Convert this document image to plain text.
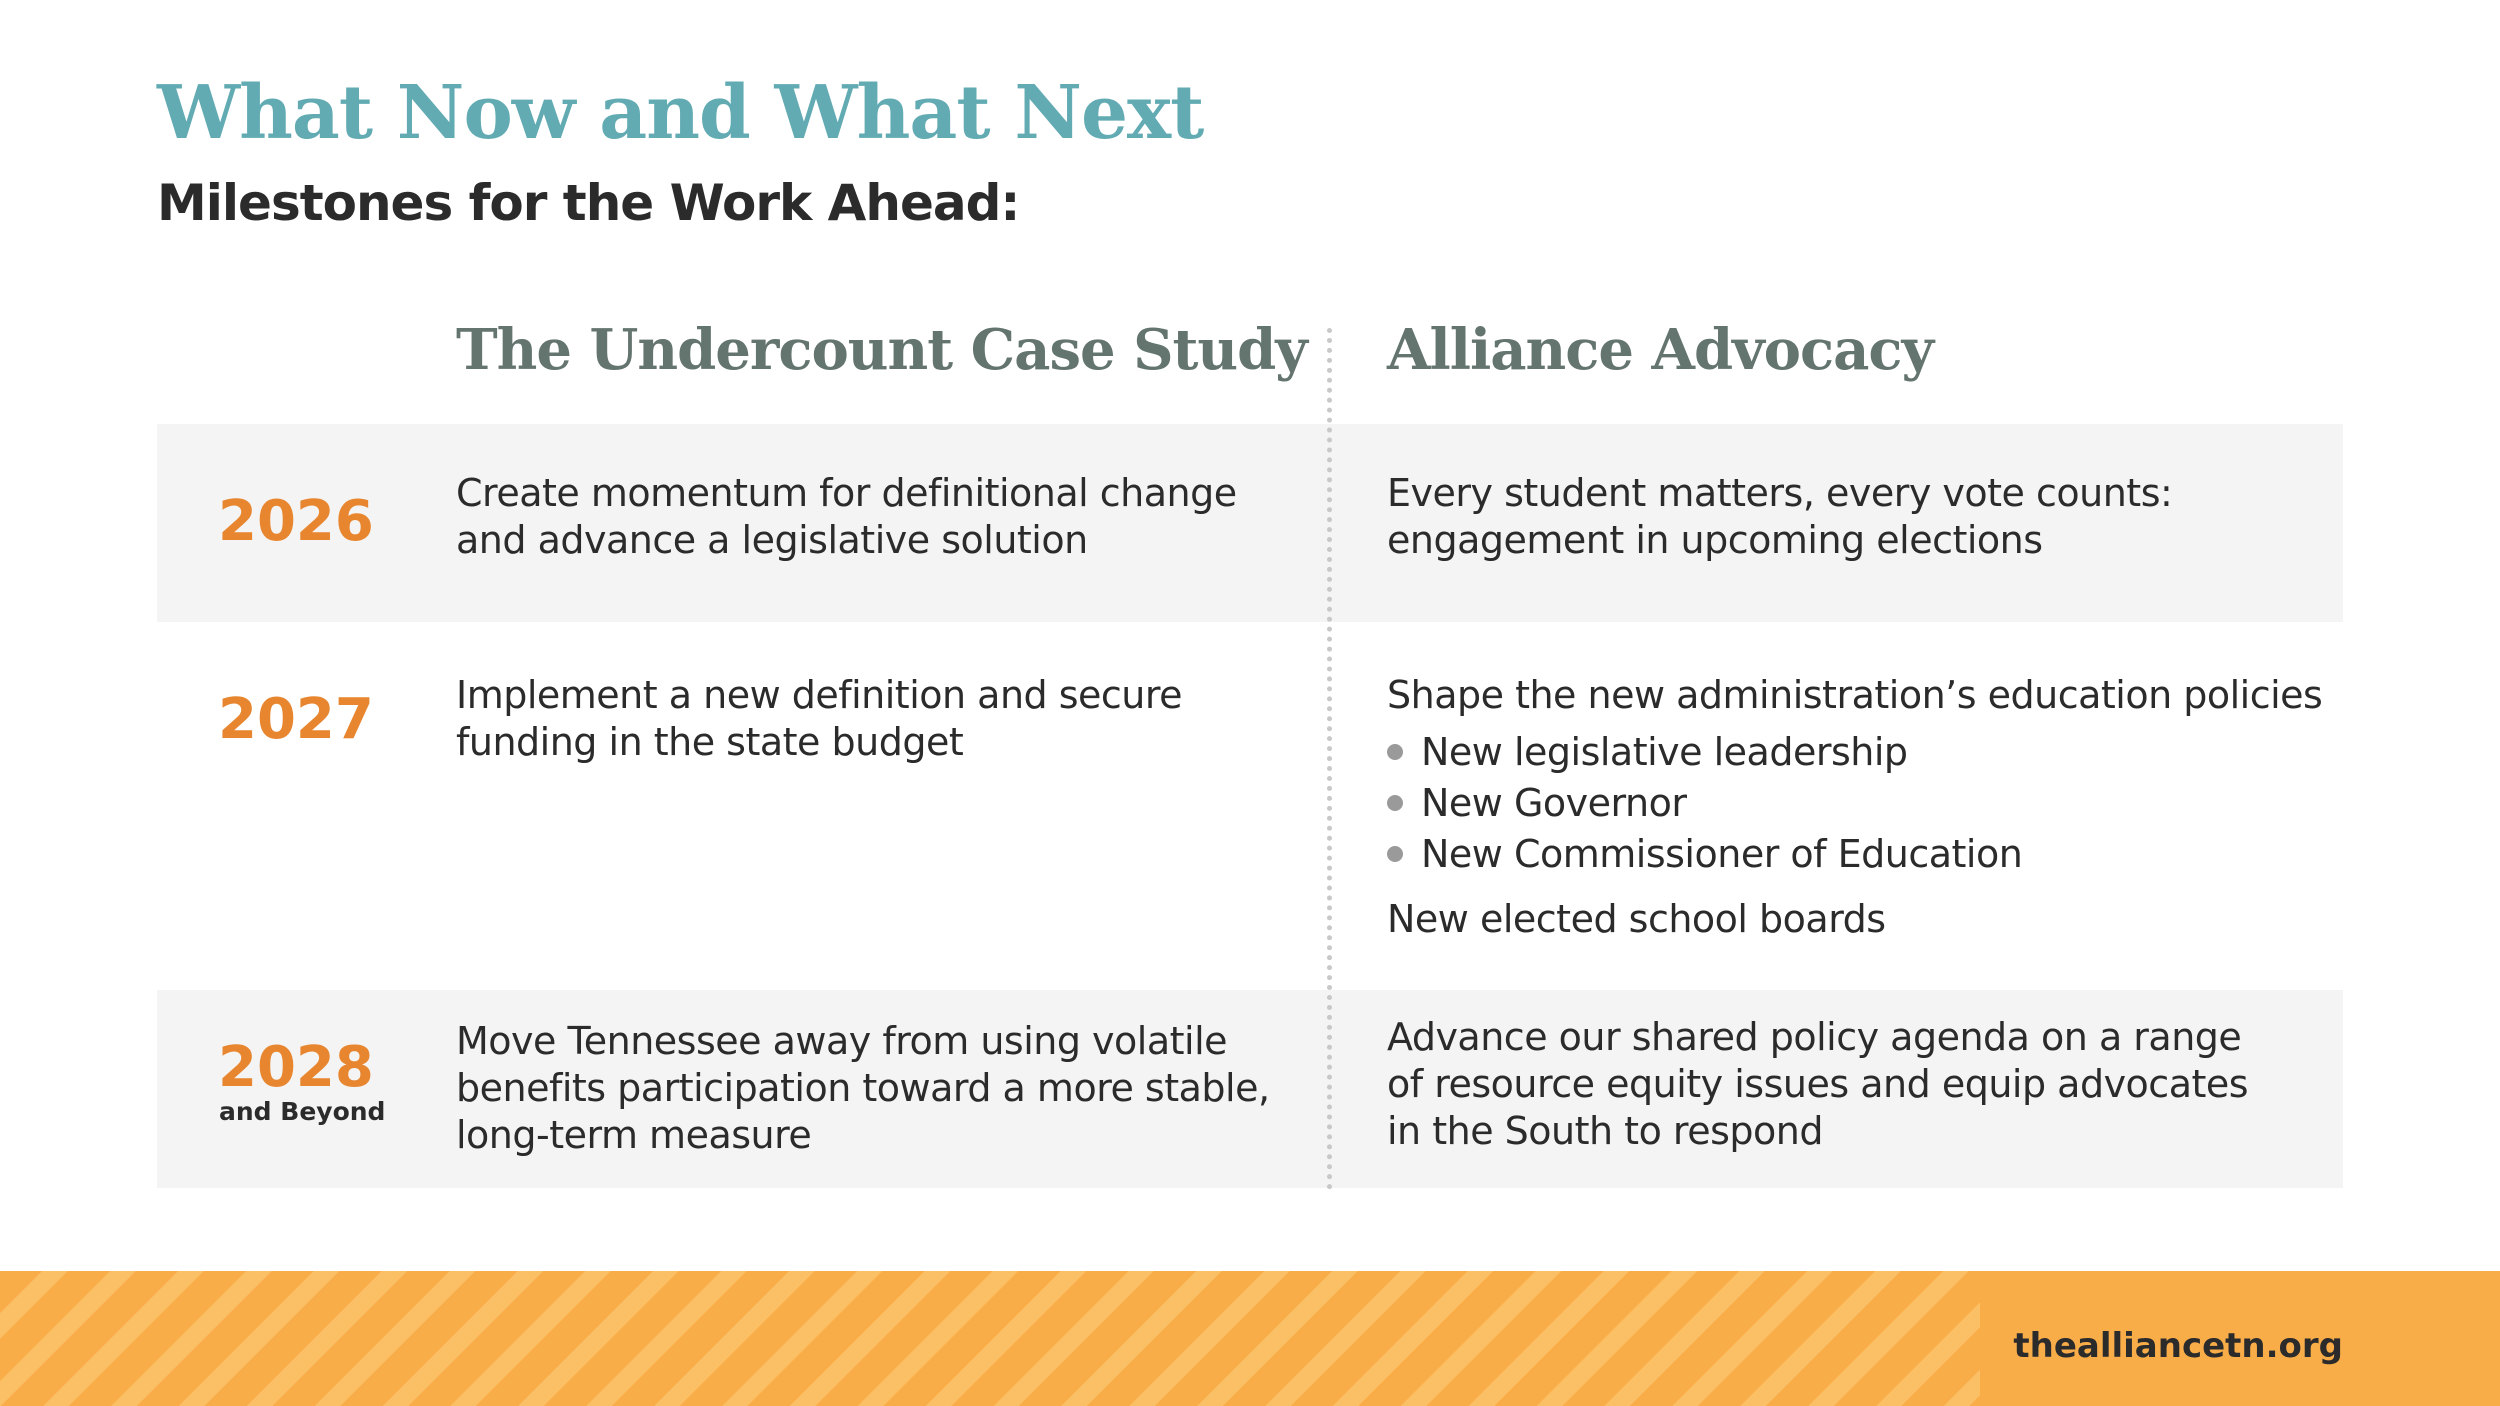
What Now and What Next
Milestones for the Work Ahead:
The Undercount Case Study Alliance Advocacy
2026 Create momentum for definitional change
and advance a legislative solution
Every student matters, every vote counts:
engagement in upcoming elections
2027 Implement a new definition and secure
funding in the state budget
Shape the new administration’s education policies
New legislative leadership
New Governor
New Commissioner of Education
New elected school boards
2028
and Beyond
Move Tennessee away from using volatile
benefits participation toward a more stable,
long-term measure
Advance our shared policy agenda on a range
of resource equity issues and equip advocates
in the South to respond
thealliancetn.org
